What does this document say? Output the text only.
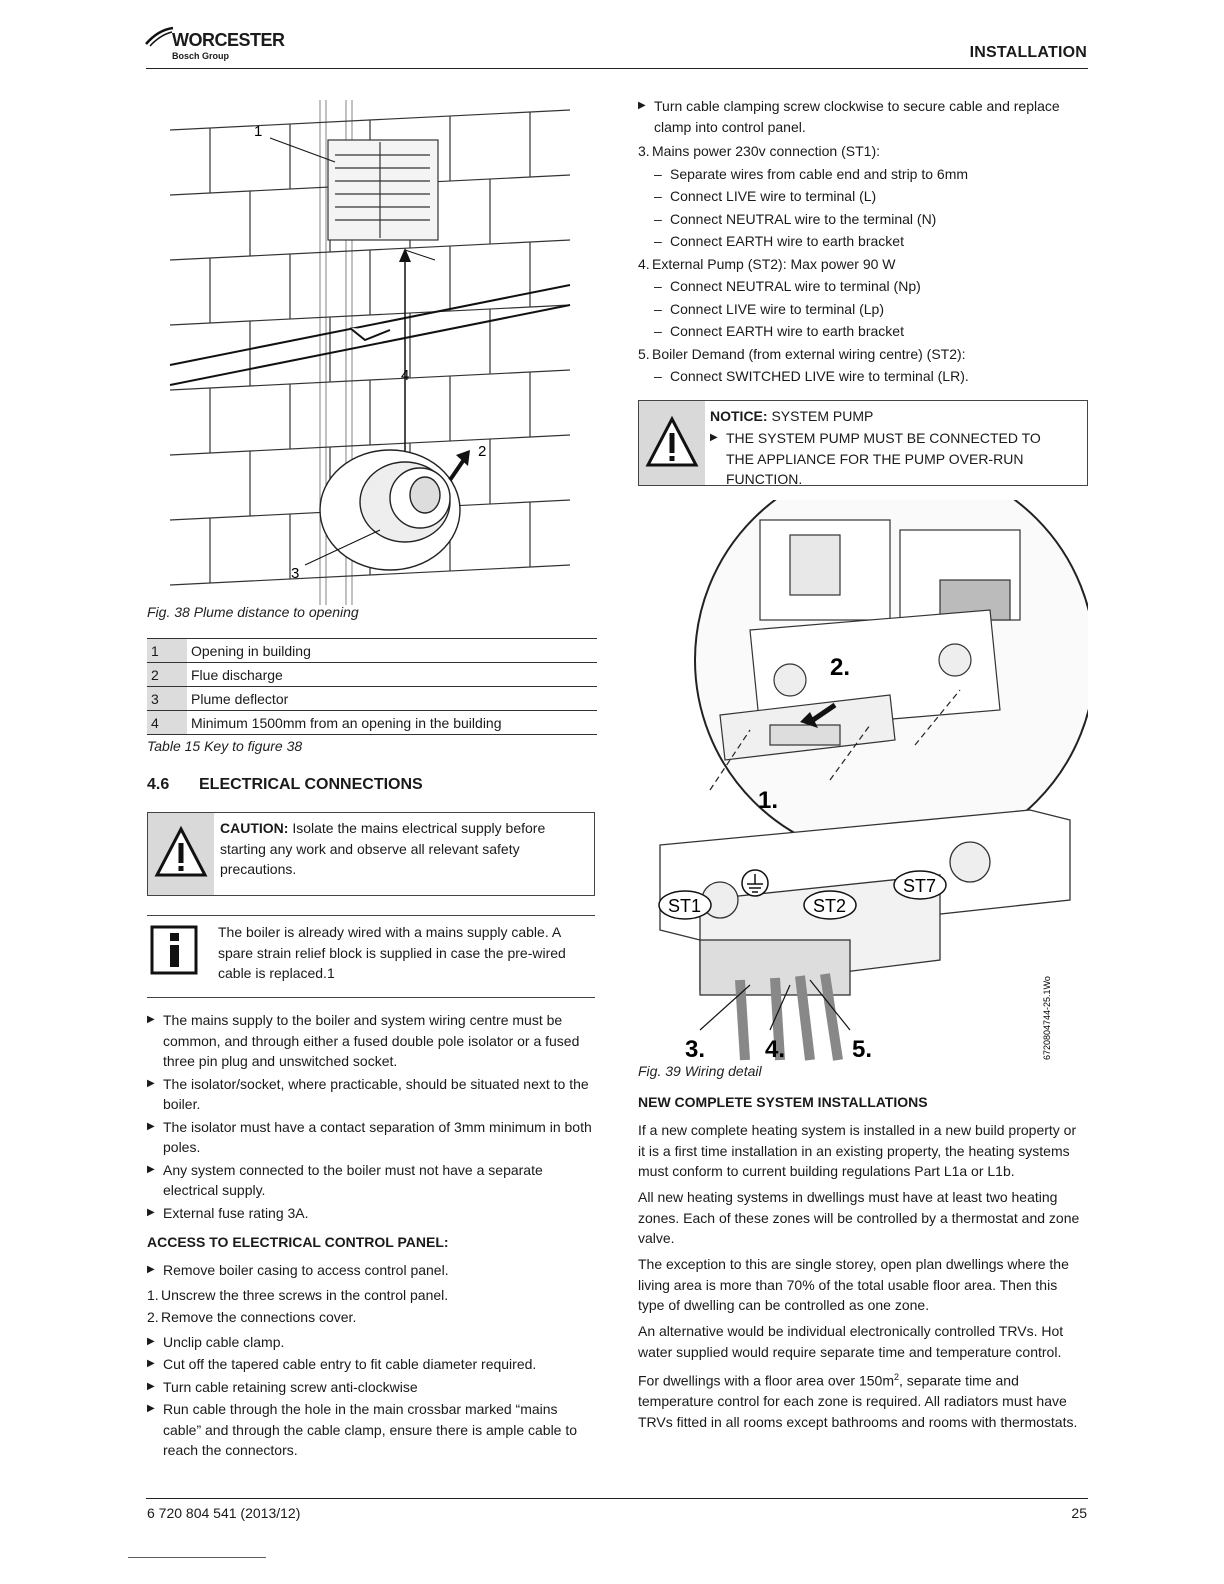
WORCESTER
Bosch Group	INSTALLATION
1
2
3
4
Fig. 38 Plume distance to opening
1	Opening in building
2	Flue discharge
3	Plume deflector
4	Minimum 1500mm from an opening in the building
Table 15 Key to figure 38
4.6 ELECTRICAL CONNECTIONS
CAUTION: Isolate the mains electrical supply before starting any work and observe all relevant safety precautions.
The boiler is already wired with a mains supply cable. A spare strain relief block is supplied in case the pre-wired cable is replaced.1
▶ The mains supply to the boiler and system wiring centre must be common, and through either a fused double pole isolator or a fused three pin plug and unswitched socket.
▶ The isolator/socket, where practicable, should be situated next to the boiler.
▶ The isolator must have a contact separation of 3mm minimum in both poles.
▶ Any system connected to the boiler must not have a separate electrical supply.
▶ External fuse rating 3A.
ACCESS TO ELECTRICAL CONTROL PANEL:
▶ Remove boiler casing to access control panel.
1. Unscrew the three screws in the control panel.
2. Remove the connections cover.
▶ Unclip cable clamp.
▶ Cut off the tapered cable entry to fit cable diameter required.
▶ Turn cable retaining screw anti-clockwise
▶ Run cable through the hole in the main crossbar marked “mains cable” and through the cable clamp, ensure there is ample cable to reach the connectors.
▶ Turn cable clamping screw clockwise to secure cable and replace clamp into control panel.
3. Mains power 230v connection (ST1):
– Separate wires from cable end and strip to 6mm
– Connect LIVE wire to terminal (L)
– Connect NEUTRAL wire to the terminal (N)
– Connect EARTH wire to earth bracket
4. External Pump (ST2): Max power 90 W
– Connect NEUTRAL wire to terminal (Np)
– Connect LIVE wire to terminal (Lp)
– Connect EARTH wire to earth bracket
5. Boiler Demand (from external wiring centre) (ST2):
– Connect SWITCHED LIVE wire to terminal (LR).
NOTICE: SYSTEM PUMP
▶ THE SYSTEM PUMP MUST BE CONNECTED TO THE APPLIANCE FOR THE PUMP OVER-RUN FUNCTION.
2.
1.
ST1	ST2
ST7
3. 4.	5.	6720804744-25.1Wo
Fig. 39 Wiring detail
NEW COMPLETE SYSTEM INSTALLATIONS
If a new complete heating system is installed in a new build property or it is a first time installation in an existing property, the heating systems must conform to current building regulations Part L1a or L1b.
All new heating systems in dwellings must have at least two heating zones. Each of these zones will be controlled by a thermostat and zone valve.
The exception to this are single storey, open plan dwellings where the living area is more than 70% of the total usable floor area. Then this type of dwelling can be controlled as one zone.
An alternative would be individual electronically controlled TRVs. Hot water supplied would require separate time and temperature control.
For dwellings with a floor area over $150m^2$, separate time and temperature control for each zone is required. All radiators must have TRVs fitted in all rooms except bathrooms and rooms with thermostats.
6 720 804 541 (2013/12)	25
